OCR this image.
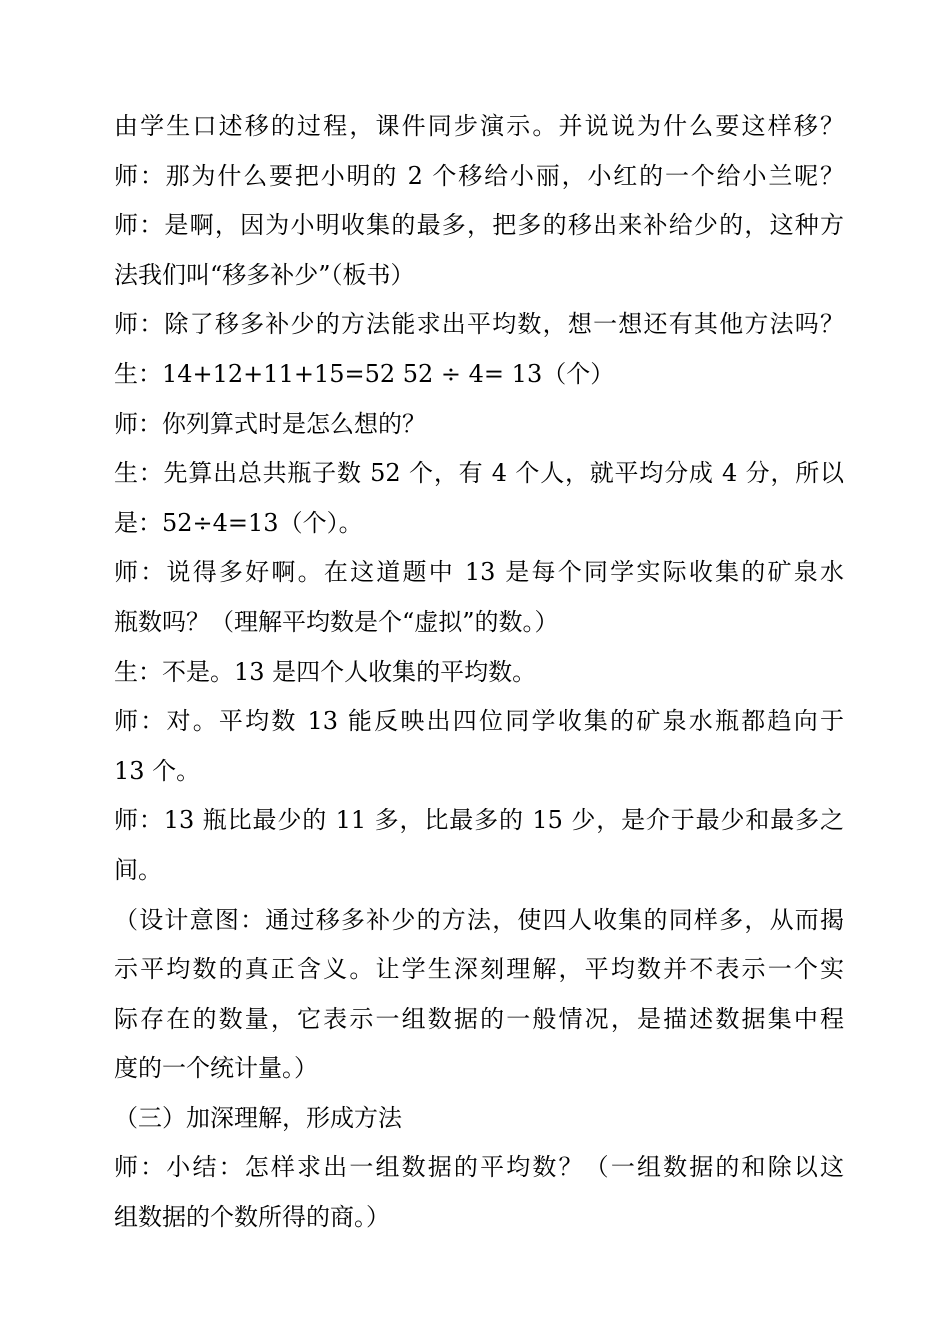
由学生口述移的过程，课件同步演示。并说说为什么要这样移？
师：那为什么要把小明的 2 个移给小丽，小红的一个给小兰呢？
师：是啊，因为小明收集的最多，把多的移出来补给少的，这种方
法我们叫“移多补少”（板书）
师：除了移多补少的方法能求出平均数，想一想还有其他方法吗？
生：14+12+11+15=52 52 ÷ 4= 13（个）
师：你列算式时是怎么想的？
生：先算出总共瓶子数 52 个，有 4 个人，就平均分成 4 分，所以
是：52÷4=13（个）。
师：说得多好啊。在这道题中 13 是每个同学实际收集的矿泉水
瓶数吗？（理解平均数是个“虚拟”的数。）
生：不是。13 是四个人收集的平均数。
师：对。平均数 13 能反映出四位同学收集的矿泉水瓶都趋向于
13 个。
师：13 瓶比最少的 11 多，比最多的 15 少，是介于最少和最多之
间。
（设计意图：通过移多补少的方法，使四人收集的同样多，从而揭
示平均数的真正含义。让学生深刻理解，平均数并不表示一个实
际存在的数量，它表示一组数据的一般情况，是描述数据集中程
度的一个统计量。）
（三）加深理解，形成方法
师：小结：怎样求出一组数据的平均数？（一组数据的和除以这
组数据的个数所得的商。）
